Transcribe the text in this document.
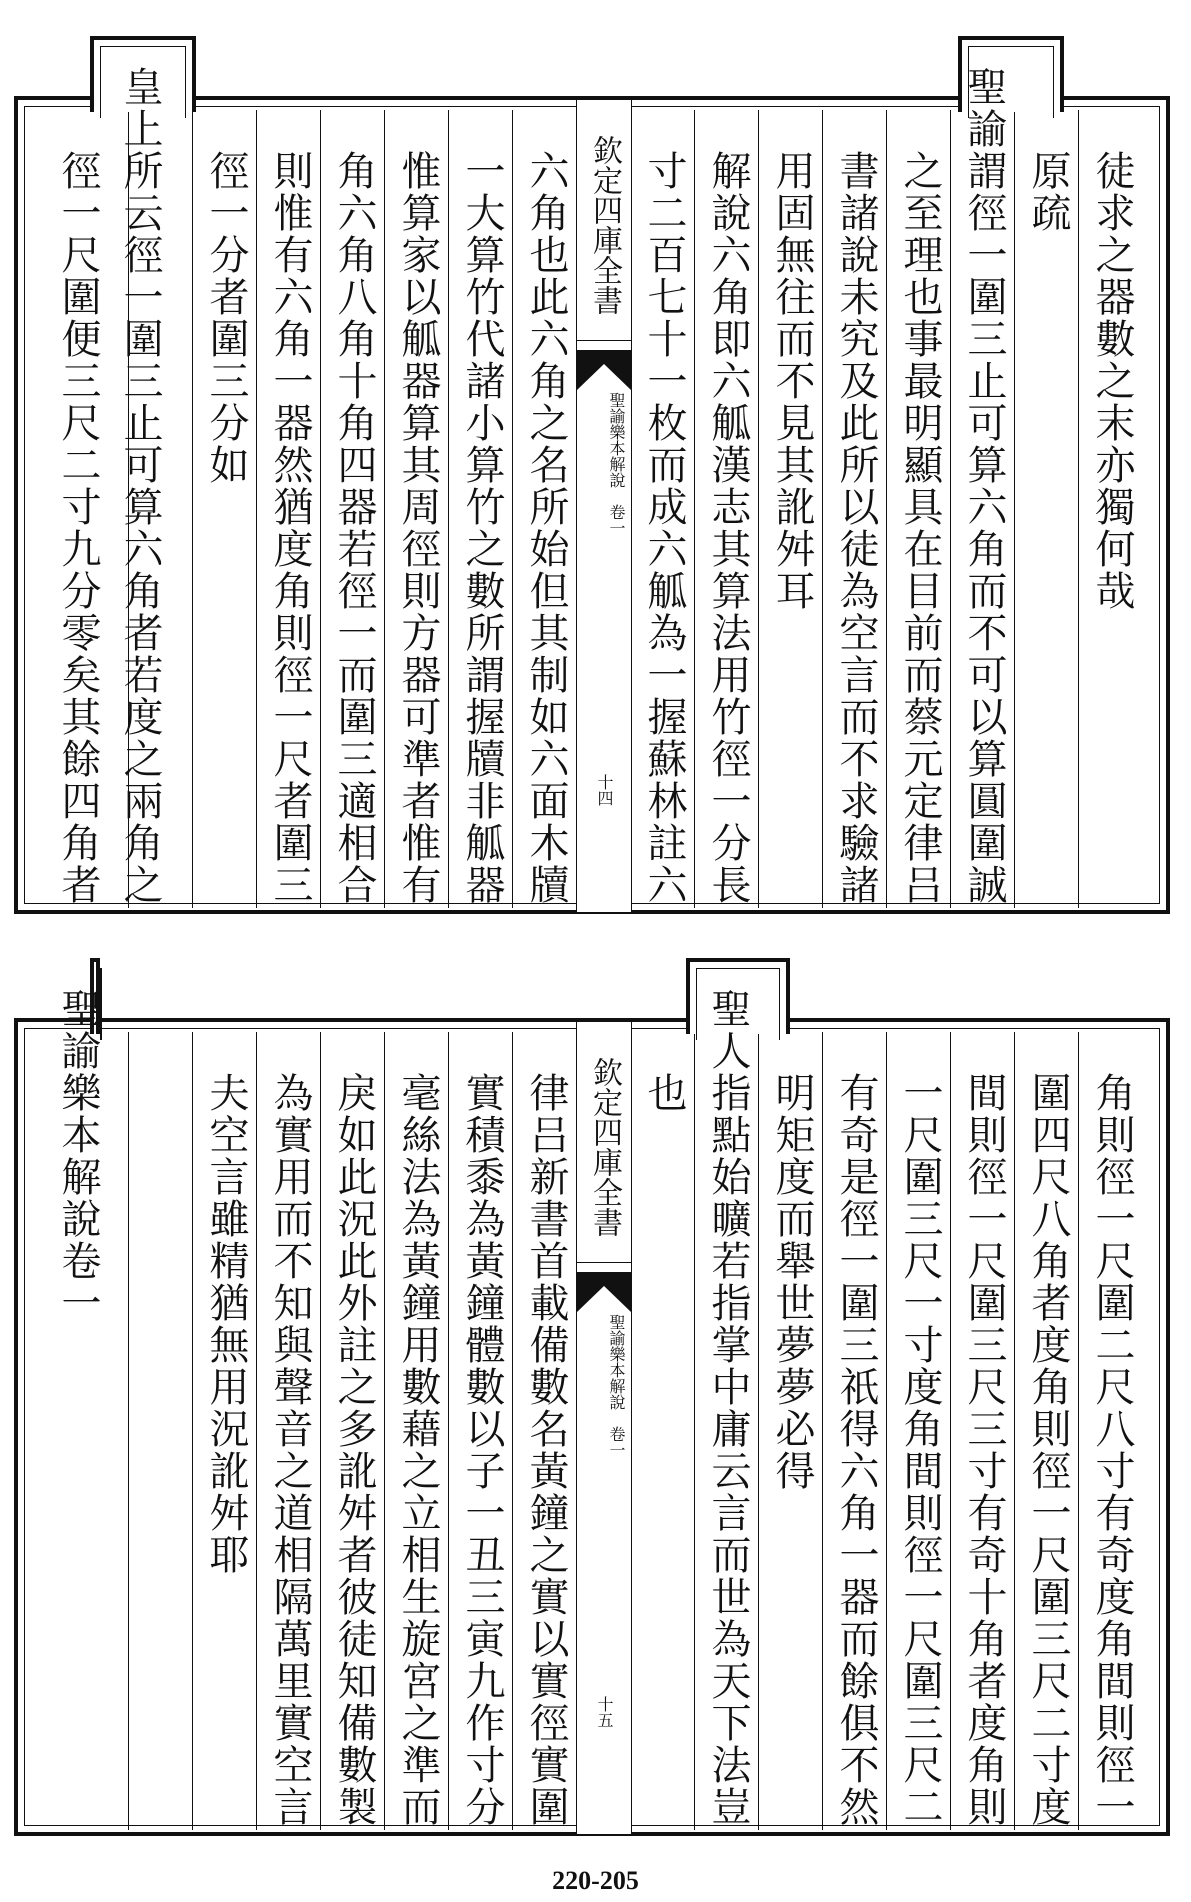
徒求之器數之末亦獨何哉
原疏
聖諭謂徑一圍三止可算六角而不可以算圓圍誠
之至理也事最明顯具在目前而蔡元定律吕
書諸說未究及此所以徒為空言而不求驗諸
用固無往而不見其訛舛耳
解說六角即六觚漢志其算法用竹徑一分長
寸二百七十一枚而成六觚為一握蘇林註六
欽定四庫全書
聖諭樂本解說　卷一
十四
六角也此六角之名所始但其制如六面木牘
一大算竹代諸小算竹之數所謂握牘非觚器
惟算家以觚器算其周徑則方器可準者惟有
角六角八角十角四器若徑一而圍三適相合
則惟有六角一器然猶度角則徑一尺者圍三
徑一分者圍三分如
皇上所云徑一圍三止可算六角者若度之兩角之
徑一尺圍便三尺二寸九分零矣其餘四角者
角則徑一尺圍二尺八寸有奇度角間則徑一
圍四尺八角者度角則徑一尺圍三尺二寸度
間則徑一尺圍三尺三寸有奇十角者度角則
一尺圍三尺一寸度角間則徑一尺圍三尺二
有奇是徑一圍三祇得六角一器而餘俱不然
明矩度而舉世夢夢必得
聖人指點始曠若指掌中庸云言而世為天下法豈
也
欽定四庫全書
聖諭樂本解說　卷一
十五
律吕新書首載備數名黃鐘之實以實徑實圍
實積黍為黃鐘體數以子一丑三寅九作寸分
毫絲法為黃鐘用數藉之立相生旋宮之準而
戾如此況此外註之多訛舛者彼徒知備數製
為實用而不知與聲音之道相隔萬里實空言
夫空言雖精猶無用況訛舛耶
聖諭樂本解說卷一
220-205
